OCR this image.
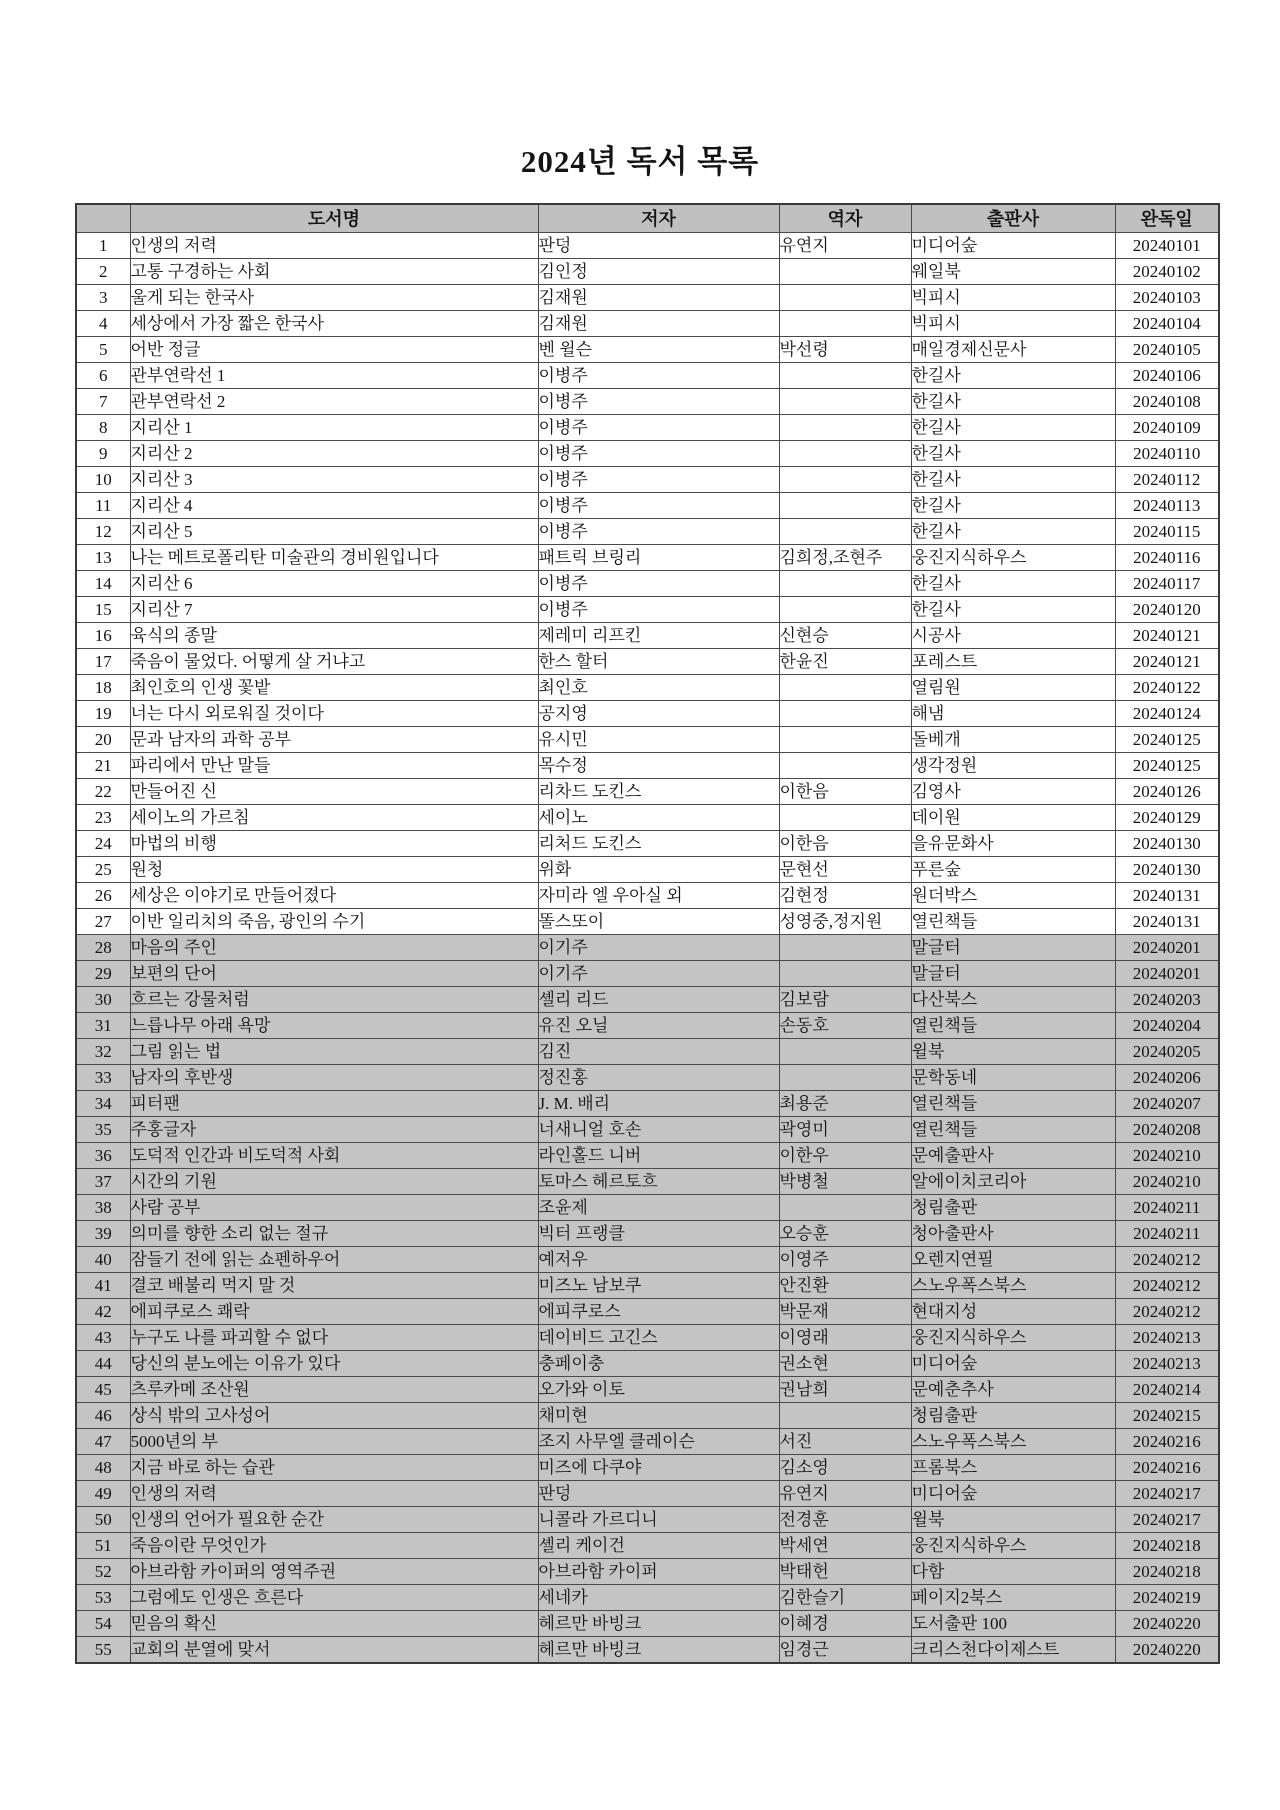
2024년 독서 목록
	도서명	저자	역자	출판사	완독일
1	인생의 저력	판덩	유연지	미디어숲	20240101
2	고통 구경하는 사회	김인정		웨일북	20240102
3	울게 되는 한국사	김재원		빅피시	20240103
4	세상에서 가장 짧은 한국사	김재원		빅피시	20240104
5	어반 정글	벤 윌슨	박선령	매일경제신문사	20240105
6	관부연락선 1	이병주		한길사	20240106
7	관부연락선 2	이병주		한길사	20240108
8	지리산 1	이병주		한길사	20240109
9	지리산 2	이병주		한길사	20240110
10	지리산 3	이병주		한길사	20240112
11	지리산 4	이병주		한길사	20240113
12	지리산 5	이병주		한길사	20240115
13	나는 메트로폴리탄 미술관의 경비원입니다	패트릭 브링리	김희정,조현주	웅진지식하우스	20240116
14	지리산 6	이병주		한길사	20240117
15	지리산 7	이병주		한길사	20240120
16	육식의 종말	제레미 리프킨	신현승	시공사	20240121
17	죽음이 물었다. 어떻게 살 거냐고	한스 할터	한윤진	포레스트	20240121
18	최인호의 인생 꽃밭	최인호		열림원	20240122
19	너는 다시 외로워질 것이다	공지영		해냄	20240124
20	문과 남자의 과학 공부	유시민		돌베개	20240125
21	파리에서 만난 말들	목수정		생각정원	20240125
22	만들어진 신	리차드 도킨스	이한음	김영사	20240126
23	세이노의 가르침	세이노		데이원	20240129
24	마법의 비행	리처드 도킨스	이한음	을유문화사	20240130
25	원청	위화	문현선	푸른숲	20240130
26	세상은 이야기로 만들어졌다	자미라 엘 우아실 외	김현정	원더박스	20240131
27	이반 일리치의 죽음, 광인의 수기	똘스또이	성영중,정지원	열린책들	20240131
28	마음의 주인	이기주		말글터	20240201
29	보편의 단어	이기주		말글터	20240201
30	흐르는 강물처럼	셸리 리드	김보람	다산북스	20240203
31	느릅나무 아래 욕망	유진 오닐	손동호	열린책들	20240204
32	그림 읽는 법	김진		윌북	20240205
33	남자의 후반생	정진홍		문학동네	20240206
34	피터팬	J. M. 배리	최용준	열린책들	20240207
35	주홍글자	너새니얼 호손	곽영미	열린책들	20240208
36	도덕적 인간과 비도덕적 사회	라인홀드 니버	이한우	문예출판사	20240210
37	시간의 기원	토마스 헤르토흐	박병철	알에이치코리아	20240210
38	사람 공부	조윤제		청림출판	20240211
39	의미를 향한 소리 없는 절규	빅터 프랭클	오승훈	청아출판사	20240211
40	잠들기 전에 읽는 쇼펜하우어	예저우	이영주	오렌지연필	20240212
41	결코 배불리 먹지 말 것	미즈노 남보쿠	안진환	스노우폭스북스	20240212
42	에피쿠로스 쾌락	에피쿠로스	박문재	현대지성	20240212
43	누구도 나를 파괴할 수 없다	데이비드 고긴스	이영래	웅진지식하우스	20240213
44	당신의 분노에는 이유가 있다	충페이충	권소현	미디어숲	20240213
45	츠루카메 조산원	오가와 이토	권남희	문예춘추사	20240214
46	상식 밖의 고사성어	채미현		청림출판	20240215
47	5000년의 부	조지 사무엘 클레이슨	서진	스노우폭스북스	20240216
48	지금 바로 하는 습관	미즈에 다쿠야	김소영	프롬북스	20240216
49	인생의 저력	판덩	유연지	미디어숲	20240217
50	인생의 언어가 필요한 순간	니콜라 가르디니	전경훈	윌북	20240217
51	죽음이란 무엇인가	셸리 케이건	박세연	웅진지식하우스	20240218
52	아브라함 카이퍼의 영역주권	아브라함 카이퍼	박태헌	다함	20240218
53	그럼에도 인생은 흐른다	세네카	김한슬기	페이지2북스	20240219
54	믿음의 확신	헤르만 바빙크	이혜경	도서출판 100	20240220
55	교회의 분열에 맞서	헤르만 바빙크	임경근	크리스천다이제스트	20240220
